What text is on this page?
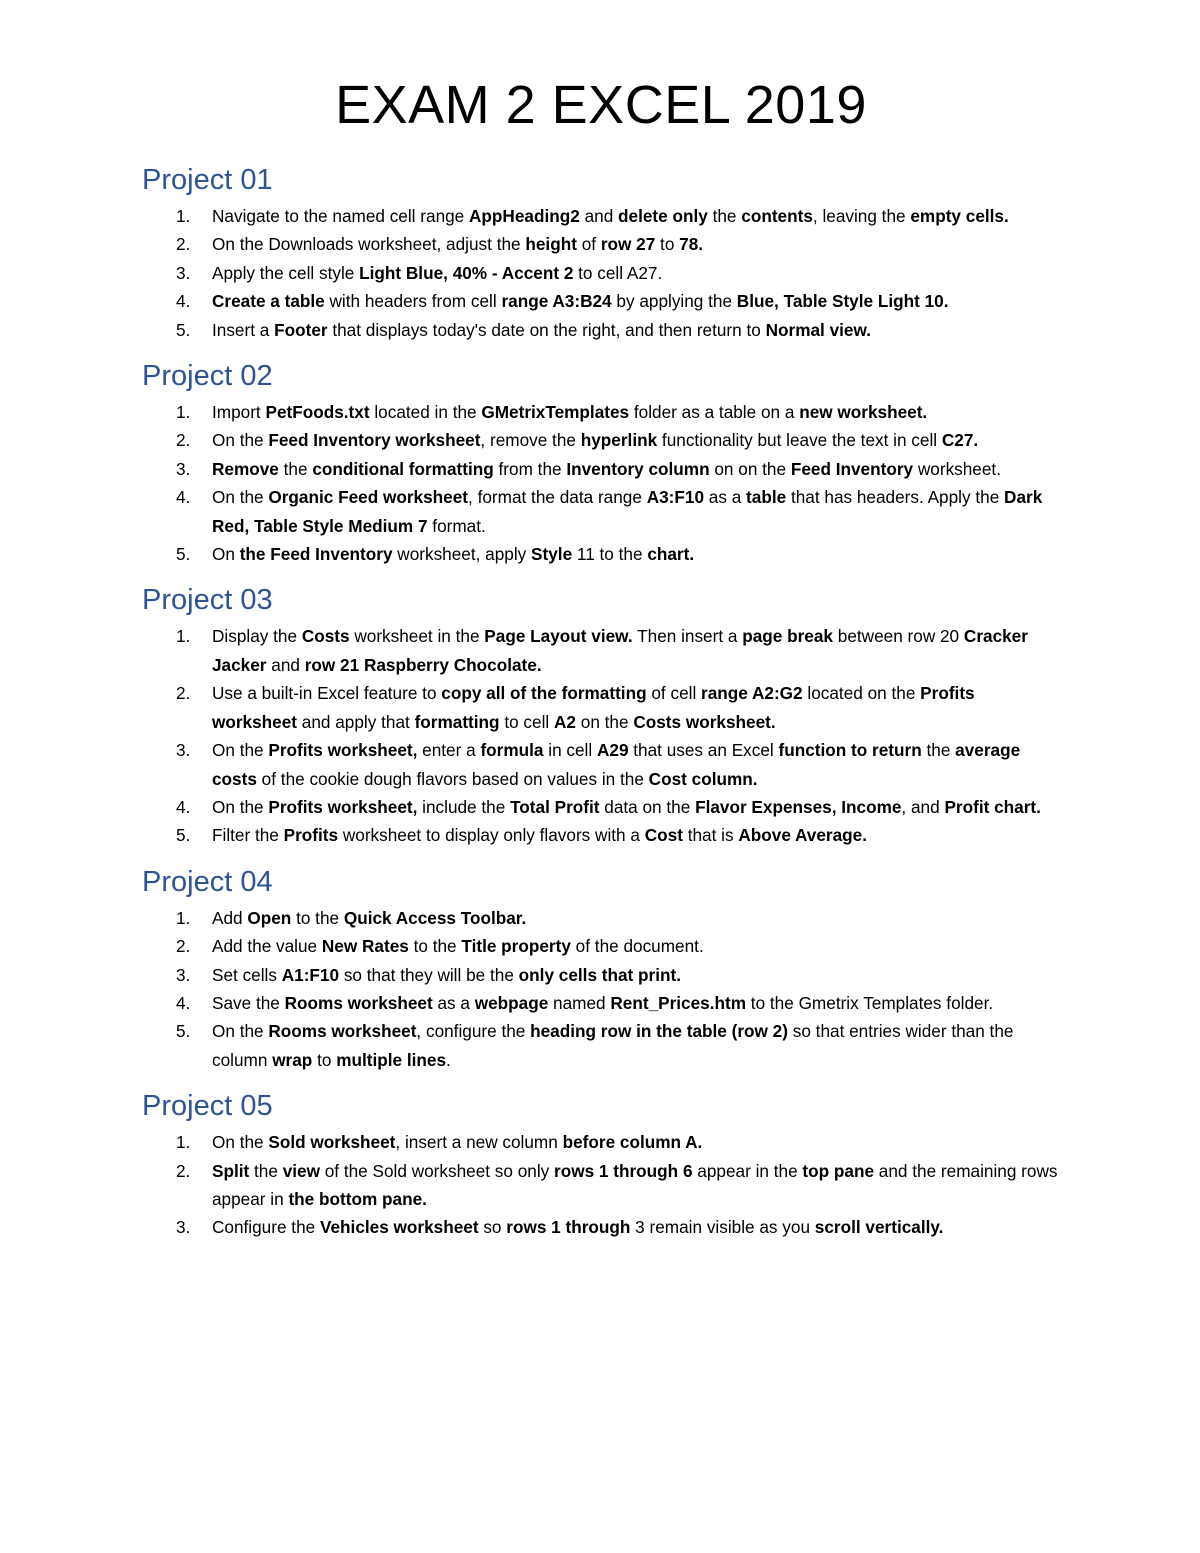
EXAM 2 EXCEL 2019
Project 01
1. Navigate to the named cell range AppHeading2 and delete only the contents, leaving the empty cells.
2. On the Downloads worksheet, adjust the height of row 27 to 78.
3. Apply the cell style Light Blue, 40% - Accent 2 to cell A27.
4. Create a table with headers from cell range A3:B24 by applying the Blue, Table Style Light 10.
5. Insert a Footer that displays today's date on the right, and then return to Normal view.
Project 02
1. Import PetFoods.txt located in the GMetrixTemplates folder as a table on a new worksheet.
2. On the Feed Inventory worksheet, remove the hyperlink functionality but leave the text in cell C27.
3. Remove the conditional formatting from the Inventory column on on the Feed Inventory worksheet.
4. On the Organic Feed worksheet, format the data range A3:F10 as a table that has headers. Apply the Dark Red, Table Style Medium 7 format.
5. On the Feed Inventory worksheet, apply Style 11 to the chart.
Project 03
1. Display the Costs worksheet in the Page Layout view. Then insert a page break between row 20 Cracker Jacker and row 21 Raspberry Chocolate.
2. Use a built-in Excel feature to copy all of the formatting of cell range A2:G2 located on the Profits worksheet and apply that formatting to cell A2 on the Costs worksheet.
3. On the Profits worksheet, enter a formula in cell A29 that uses an Excel function to return the average costs of the cookie dough flavors based on values in the Cost column.
4. On the Profits worksheet, include the Total Profit data on the Flavor Expenses, Income, and Profit chart.
5. Filter the Profits worksheet to display only flavors with a Cost that is Above Average.
Project 04
1. Add Open to the Quick Access Toolbar.
2. Add the value New Rates to the Title property of the document.
3. Set cells A1:F10 so that they will be the only cells that print.
4. Save the Rooms worksheet as a webpage named Rent_Prices.htm to the Gmetrix Templates folder.
5. On the Rooms worksheet, configure the heading row in the table (row 2) so that entries wider than the column wrap to multiple lines.
Project 05
1. On the Sold worksheet, insert a new column before column A.
2. Split the view of the Sold worksheet so only rows 1 through 6 appear in the top pane and the remaining rows appear in the bottom pane.
3. Configure the Vehicles worksheet so rows 1 through 3 remain visible as you scroll vertically.
